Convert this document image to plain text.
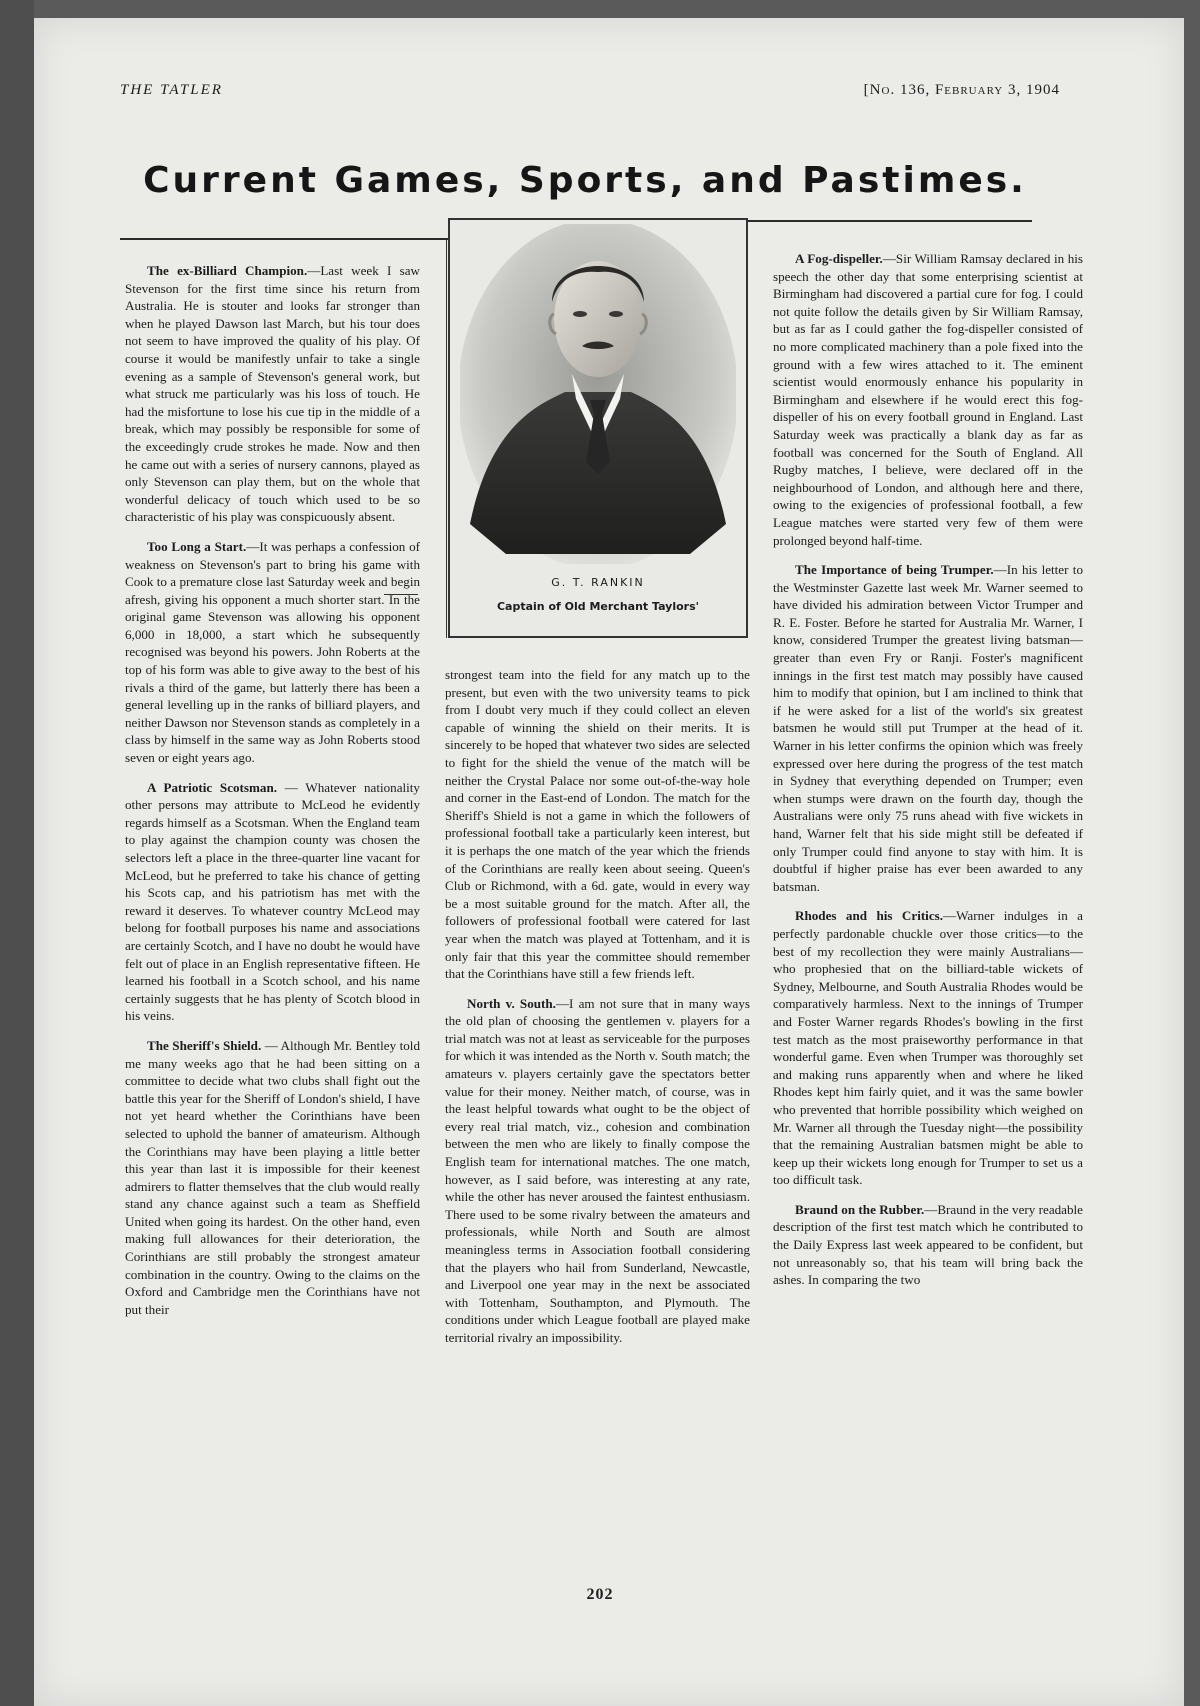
THE TATLER	[No. 136, February 3, 1904
Current Games, Sports, and Pastimes.
G. T. RANKIN
Captain of Old Merchant Taylors'

The ex-Billiard Champion.—Last week I saw Stevenson for the first time since his return from Australia. He is stouter and looks far stronger than when he played Dawson last March, but his tour does not seem to have improved the quality of his play. Of course it would be manifestly unfair to take a single evening as a sample of Stevenson's general work, but what struck me particularly was his loss of touch. He had the misfortune to lose his cue tip in the middle of a break, which may possibly be responsible for some of the exceedingly crude strokes he made. Now and then he came out with a series of nursery cannons, played as only Stevenson can play them, but on the whole that wonderful delicacy of touch which used to be so characteristic of his play was conspicuously absent.

Too Long a Start.—It was perhaps a confession of weakness on Stevenson's part to bring his game with Cook to a premature close last Saturday week and begin afresh, giving his opponent a much shorter start. In the original game Stevenson was allowing his opponent 6,000 in 18,000, a start which he subsequently recognised was beyond his powers. John Roberts at the top of his form was able to give away to the best of his rivals a third of the game, but latterly there has been a general levelling up in the ranks of billiard players, and neither Dawson nor Stevenson stands as completely in a class by himself in the same way as John Roberts stood seven or eight years ago.

A Patriotic Scotsman. — Whatever nationality other persons may attribute to McLeod he evidently regards himself as a Scotsman. When the England team to play against the champion county was chosen the selectors left a place in the three-quarter line vacant for McLeod, but he preferred to take his chance of getting his Scots cap, and his patriotism has met with the reward it deserves. To whatever country McLeod may belong for football purposes his name and associations are certainly Scotch, and I have no doubt he would have felt out of place in an English representative fifteen. He learned his football in a Scotch school, and his name certainly suggests that he has plenty of Scotch blood in his veins.

The Sheriff's Shield. — Although Mr. Bentley told me many weeks ago that he had been sitting on a committee to decide what two clubs shall fight out the battle this year for the Sheriff of London's shield, I have not yet heard whether the Corinthians have been selected to uphold the banner of amateurism. Although the Corinthians may have been playing a little better this year than last it is impossible for their keenest admirers to flatter themselves that the club would really stand any chance against such a team as Sheffield United when going its hardest. On the other hand, even making full allowances for their deterioration, the Corinthians are still probably the strongest amateur combination in the country. Owing to the claims on the Oxford and Cambridge men the Corinthians have not put their

strongest team into the field for any match up to the present, but even with the two university teams to pick from I doubt very much if they could collect an eleven capable of winning the shield on their merits. It is sincerely to be hoped that whatever two sides are selected to fight for the shield the venue of the match will be neither the Crystal Palace nor some out-of-the-way hole and corner in the East-end of London. The match for the Sheriff's Shield is not a game in which the followers of professional football take a particularly keen interest, but it is perhaps the one match of the year which the friends of the Corinthians are really keen about seeing. Queen's Club or Richmond, with a 6d. gate, would in every way be a most suitable ground for the match. After all, the followers of professional football were catered for last year when the match was played at Tottenham, and it is only fair that this year the committee should remember that the Corinthians have still a few friends left.

North v. South.—I am not sure that in many ways the old plan of choosing the gentlemen v. players for a trial match was not at least as serviceable for the purposes for which it was intended as the North v. South match; the amateurs v. players certainly gave the spectators better value for their money. Neither match, of course, was in the least helpful towards what ought to be the object of every real trial match, viz., cohesion and combination between the men who are likely to finally compose the English team for international matches. The one match, however, as I said before, was interesting at any rate, while the other has never aroused the faintest enthusiasm. There used to be some rivalry between the amateurs and professionals, while North and South are almost meaningless terms in Association football considering that the players who hail from Sunderland, Newcastle, and Liverpool one year may in the next be associated with Tottenham, Southampton, and Plymouth. The conditions under which League football are played make territorial rivalry an impossibility.

A Fog-dispeller.—Sir William Ramsay declared in his speech the other day that some enterprising scientist at Birmingham had discovered a partial cure for fog. I could not quite follow the details given by Sir William Ramsay, but as far as I could gather the fog-dispeller consisted of no more complicated machinery than a pole fixed into the ground with a few wires attached to it. The eminent scientist would enormously enhance his popularity in Birmingham and elsewhere if he would erect this fog-dispeller of his on every football ground in England. Last Saturday week was practically a blank day as far as football was concerned for the South of England. All Rugby matches, I believe, were declared off in the neighbourhood of London, and although here and there, owing to the exigencies of professional football, a few League matches were started very few of them were prolonged beyond half-time.

The Importance of being Trumper.—In his letter to the Westminster Gazette last week Mr. Warner seemed to have divided his admiration between Victor Trumper and R. E. Foster. Before he started for Australia Mr. Warner, I know, considered Trumper the greatest living batsman—greater than even Fry or Ranji. Foster's magnificent innings in the first test match may possibly have caused him to modify that opinion, but I am inclined to think that if he were asked for a list of the world's six greatest batsmen he would still put Trumper at the head of it. Warner in his letter confirms the opinion which was freely expressed over here during the progress of the test match in Sydney that everything depended on Trumper; even when stumps were drawn on the fourth day, though the Australians were only 75 runs ahead with five wickets in hand, Warner felt that his side might still be defeated if only Trumper could find anyone to stay with him. It is doubtful if higher praise has ever been awarded to any batsman.

Rhodes and his Critics.—Warner indulges in a perfectly pardonable chuckle over those critics—to the best of my recollection they were mainly Australians—who prophesied that on the billiard-table wickets of Sydney, Melbourne, and South Australia Rhodes would be comparatively harmless. Next to the innings of Trumper and Foster Warner regards Rhodes's bowling in the first test match as the most praiseworthy performance in that wonderful game. Even when Trumper was thoroughly set and making runs apparently when and where he liked Rhodes kept him fairly quiet, and it was the same bowler who prevented that horrible possibility which weighed on Mr. Warner all through the Tuesday night—the possibility that the remaining Australian batsmen might be able to keep up their wickets long enough for Trumper to set us a too difficult task.

Braund on the Rubber.—Braund in the very readable description of the first test match which he contributed to the Daily Express last week appeared to be confident, but not unreasonably so, that his team will bring back the ashes. In comparing the two

202
